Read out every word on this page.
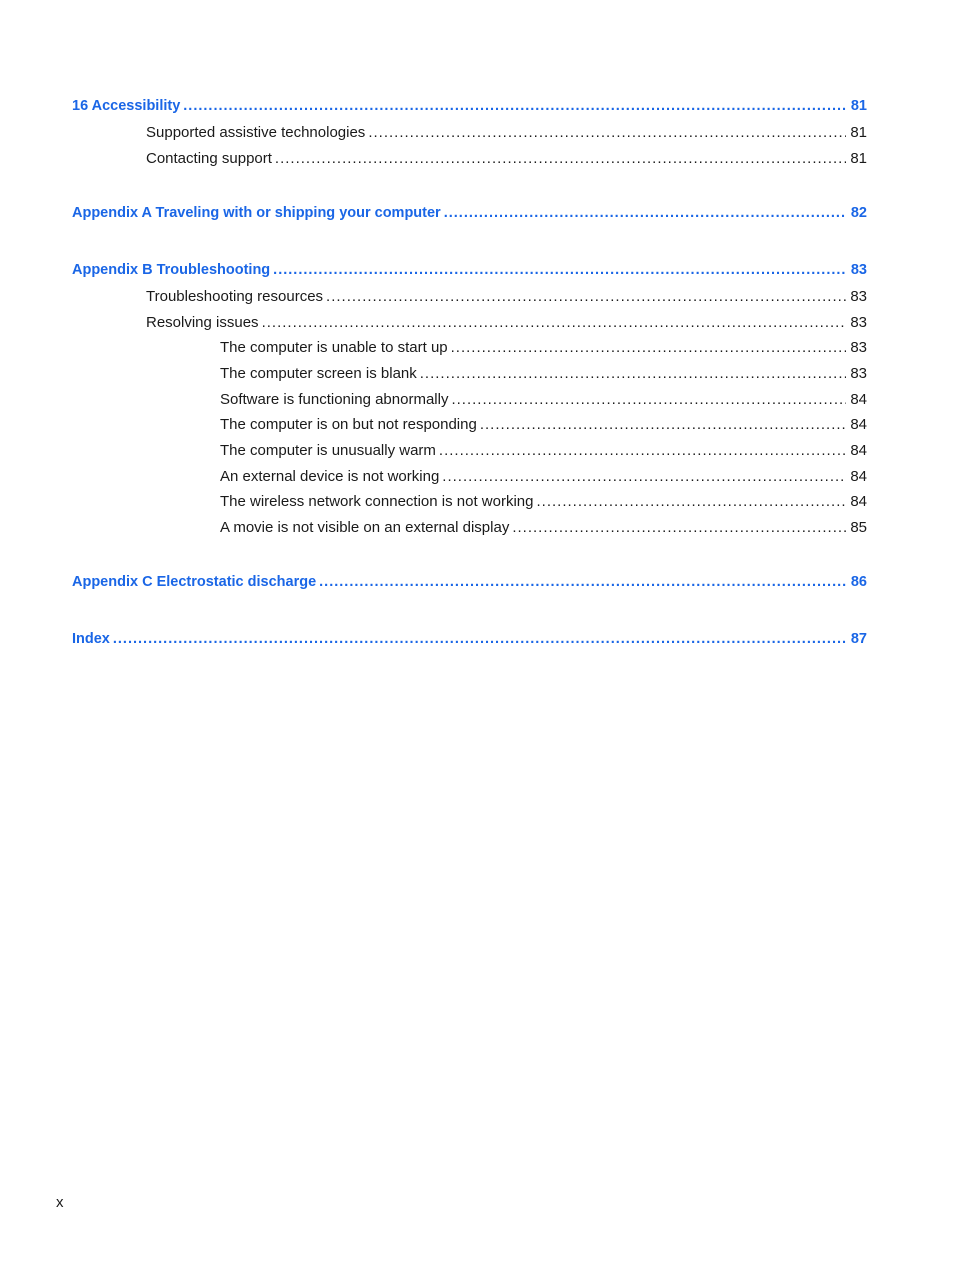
16 Accessibility .....	81
Supported assistive technologies .....	81
Contacting support .....	81
Appendix A Traveling with or shipping your computer .....	82
Appendix B Troubleshooting .....	83
Troubleshooting resources .....	83
Resolving issues .....	83
The computer is unable to start up .....	83
The computer screen is blank .....	83
Software is functioning abnormally .....	84
The computer is on but not responding .....	84
The computer is unusually warm .....	84
An external device is not working .....	84
The wireless network connection is not working .....	84
A movie is not visible on an external display .....	85
Appendix C Electrostatic discharge .....	86
Index .....	87
x
